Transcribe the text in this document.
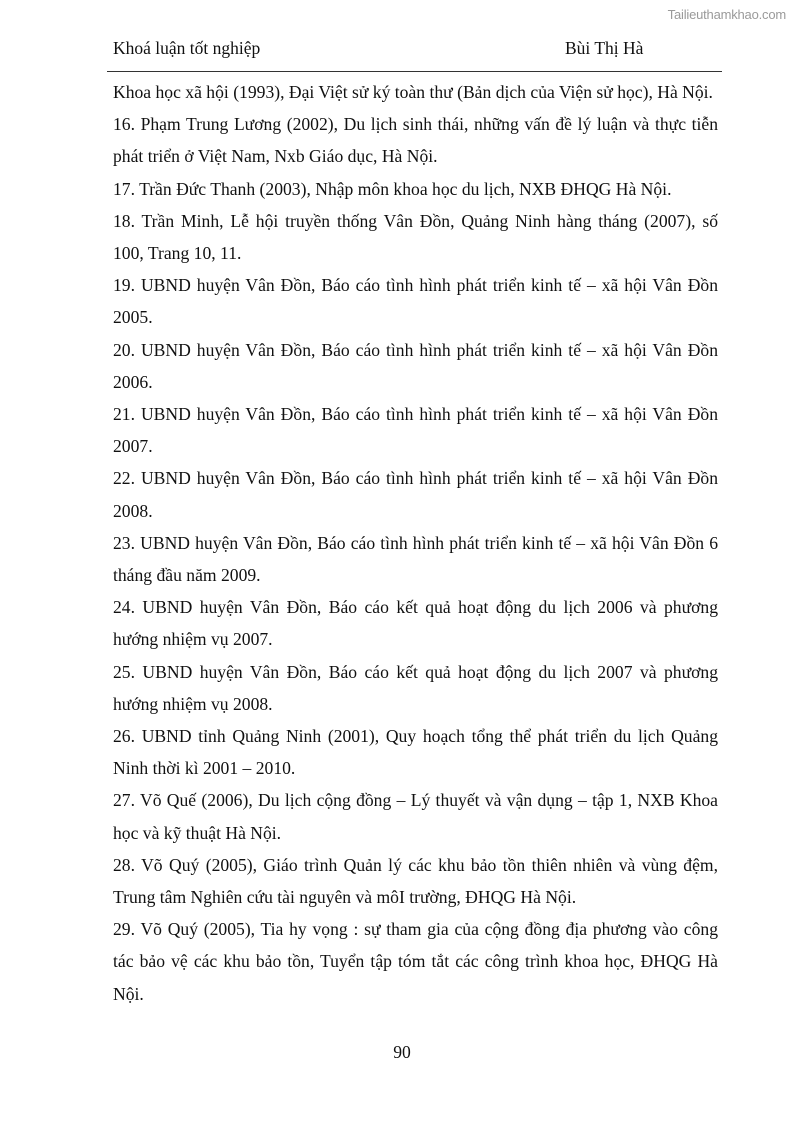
Tailieuthamkhao.com
Khoá luận tốt nghiệp	Bùi Thị Hà

Khoa học xã hội (1993), Đại Việt sử ký toàn thư (Bản dịch của Viện sử học), Hà Nội.

16. Phạm Trung Lương (2002), Du lịch sinh thái, những vấn đề lý luận và thực tiễn phát triển ở Việt Nam, Nxb Giáo dục, Hà Nội.

17. Trần Đức Thanh (2003), Nhập môn khoa học du lịch, NXB ĐHQG Hà Nội.

18. Trần Minh, Lễ hội truyền thống Vân Đồn, Quảng Ninh hàng tháng (2007), số 100, Trang 10, 11.

19. UBND huyện Vân Đồn, Báo cáo tình hình phát triển kinh tế – xã hội Vân Đồn 2005.

20. UBND huyện Vân Đồn, Báo cáo tình hình phát triển kinh tế – xã hội Vân Đồn 2006.

21. UBND huyện Vân Đồn, Báo cáo tình hình phát triển kinh tế – xã hội Vân Đồn 2007.

22. UBND huyện Vân Đồn, Báo cáo tình hình phát triển kinh tế – xã hội Vân Đồn 2008.

23. UBND huyện Vân Đồn, Báo cáo tình hình phát triển kinh tế – xã hội Vân Đồn 6 tháng đầu năm 2009.

24. UBND huyện Vân Đồn, Báo cáo kết quả hoạt động du lịch 2006 và phương hướng nhiệm vụ 2007.

25. UBND huyện Vân Đồn, Báo cáo kết quả hoạt động du lịch 2007 và phương hướng nhiệm vụ 2008.

26. UBND tỉnh Quảng Ninh (2001), Quy hoạch tổng thể phát triển du lịch Quảng Ninh thời kì 2001 – 2010.

27. Võ Quế (2006), Du lịch cộng đồng – Lý thuyết và vận dụng – tập 1, NXB Khoa học và kỹ thuật Hà Nội.

28. Võ Quý (2005), Giáo trình Quản lý các khu bảo tồn thiên nhiên và vùng đệm, Trung tâm Nghiên cứu tài nguyên và môI trường, ĐHQG Hà Nội.

29. Võ Quý (2005), Tia hy vọng : sự tham gia của cộng đồng địa phương vào công tác bảo vệ các khu bảo tồn, Tuyển tập tóm tắt các công trình khoa học, ĐHQG Hà Nội.

90
